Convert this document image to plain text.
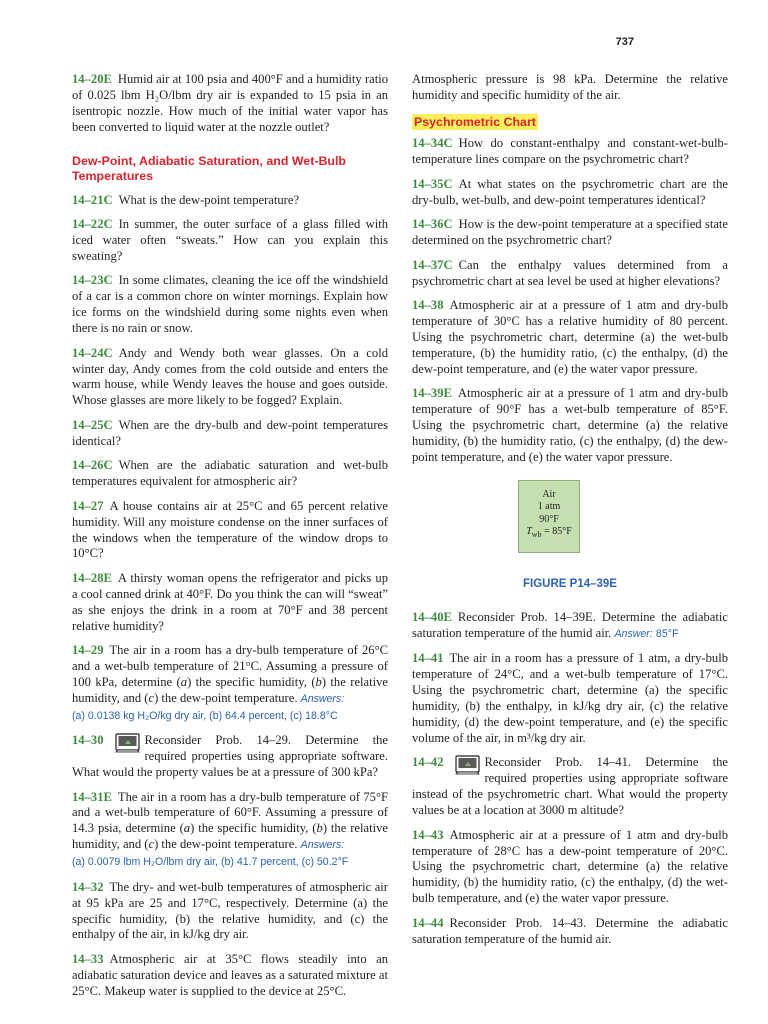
737

14–20E Humid air at 100 psia and 400°F and a humidity ratio of 0.025 lbm H₂O/lbm dry air is expanded to 15 psia in an isentropic nozzle. How much of the initial water vapor has been converted to liquid water at the nozzle outlet?

Dew-Point, Adiabatic Saturation, and Wet-Bulb Temperatures

14–21C What is the dew-point temperature?

14–22C In summer, the outer surface of a glass filled with iced water often “sweats.” How can you explain this sweating?

14–23C In some climates, cleaning the ice off the windshield of a car is a common chore on winter mornings. Explain how ice forms on the windshield during some nights even when there is no rain or snow.

14–24C Andy and Wendy both wear glasses. On a cold winter day, Andy comes from the cold outside and enters the warm house, while Wendy leaves the house and goes outside. Whose glasses are more likely to be fogged? Explain.

14–25C When are the dry-bulb and dew-point temperatures identical?

14–26C When are the adiabatic saturation and wet-bulb temperatures equivalent for atmospheric air?

14–27 A house contains air at 25°C and 65 percent relative humidity. Will any moisture condense on the inner surfaces of the windows when the temperature of the window drops to 10°C?

14–28E A thirsty woman opens the refrigerator and picks up a cool canned drink at 40°F. Do you think the can will “sweat” as she enjoys the drink in a room at 70°F and 38 percent relative humidity?

14–29 The air in a room has a dry-bulb temperature of 26°C and a wet-bulb temperature of 21°C. Assuming a pressure of 100 kPa, determine (a) the specific humidity, (b) the relative humidity, and (c) the dew-point temperature. Answers:
(a) 0.0138 kg H₂O/kg dry air, (b) 64.4 percent, (c) 18.8°C

14–30	Reconsider Prob. 14–29. Determine the required properties using appropriate software. What would the property values be at a pressure of 300 kPa?

14–31E The air in a room has a dry-bulb temperature of 75°F and a wet-bulb temperature of 60°F. Assuming a pressure of 14.3 psia, determine (a) the specific humidity, (b) the relative humidity, and (c) the dew-point temperature. Answers:
(a) 0.0079 lbm H₂O/lbm dry air, (b) 41.7 percent, (c) 50.2°F

14–32 The dry- and wet-bulb temperatures of atmospheric air at 95 kPa are 25 and 17°C, respectively. Determine (a) the specific humidity, (b) the relative humidity, and (c) the enthalpy of the air, in kJ/kg dry air.

14–33 Atmospheric air at 35°C flows steadily into an adiabatic saturation device and leaves as a saturated mixture at 25°C. Makeup water is supplied to the device at 25°C.

Atmospheric pressure is 98 kPa. Determine the relative humidity and specific humidity of the air.

Psychrometric Chart

14–34C How do constant-enthalpy and constant-wet-bulb-temperature lines compare on the psychrometric chart?

14–35C At what states on the psychrometric chart are the dry-bulb, wet-bulb, and dew-point temperatures identical?

14–36C How is the dew-point temperature at a specified state determined on the psychrometric chart?

14–37C Can the enthalpy values determined from a psychrometric chart at sea level be used at higher elevations?

14–38 Atmospheric air at a pressure of 1 atm and dry-bulb temperature of 30°C has a relative humidity of 80 percent. Using the psychrometric chart, determine (a) the wet-bulb temperature, (b) the humidity ratio, (c) the enthalpy, (d) the dew-point temperature, and (e) the water vapor pressure.

14–39E Atmospheric air at a pressure of 1 atm and dry-bulb temperature of 90°F has a wet-bulb temperature of 85°F. Using the psychrometric chart, determine (a) the relative humidity, (b) the humidity ratio, (c) the enthalpy, (d) the dew-point temperature, and (e) the water vapor pressure.

Air
1 atm
90°F
$T_{wb} = 85^\circ F$
FIGURE P14–39E

14–40E Reconsider Prob. 14–39E. Determine the adiabatic saturation temperature of the humid air. Answer: 85°F

14–41 The air in a room has a pressure of 1 atm, a dry-bulb temperature of 24°C, and a wet-bulb temperature of 17°C. Using the psychrometric chart, determine (a) the specific humidity, (b) the enthalpy, in kJ/kg dry air, (c) the relative humidity, (d) the dew-point temperature, and (e) the specific volume of the air, in m³/kg dry air.

14–42	Reconsider Prob. 14–41. Determine the required properties using appropriate software instead of the psychrometric chart. What would the property values be at a location at 3000 m altitude?

14–43 Atmospheric air at a pressure of 1 atm and dry-bulb temperature of 28°C has a dew-point temperature of 20°C. Using the psychrometric chart, determine (a) the relative humidity, (b) the humidity ratio, (c) the enthalpy, (d) the wet-bulb temperature, and (e) the water vapor pressure.

14–44 Reconsider Prob. 14–43. Determine the adiabatic saturation temperature of the humid air.
